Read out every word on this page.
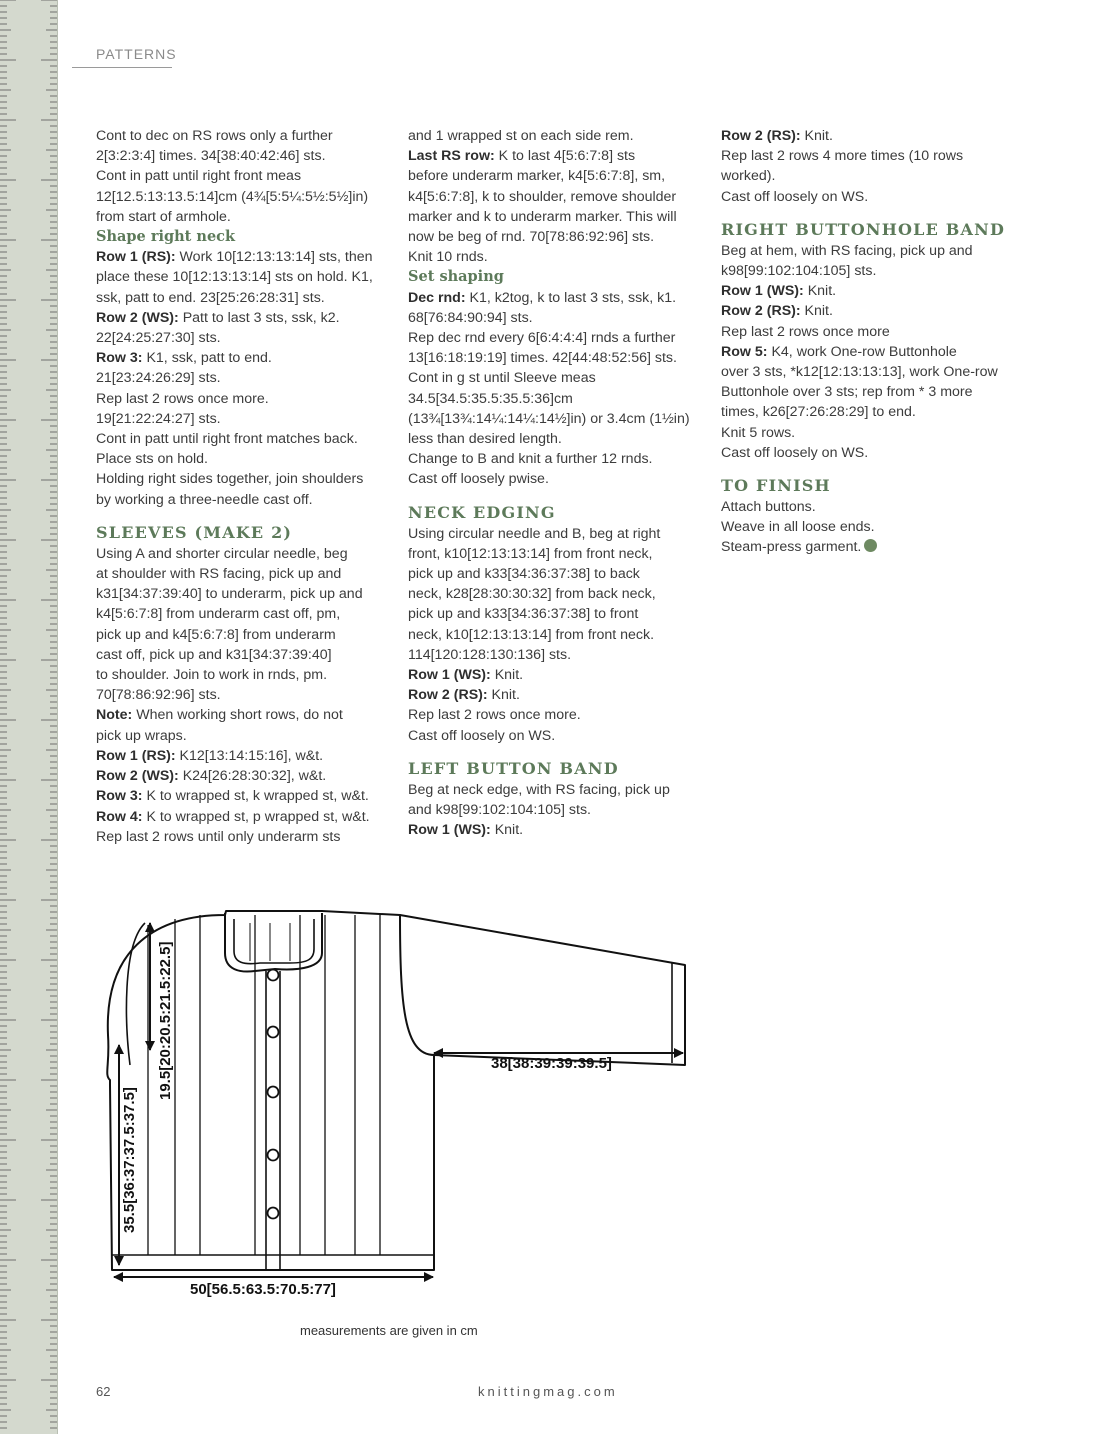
PATTERNS
Cont to dec on RS rows only a further
2[3:2:3:4] times. 34[38:40:42:46] sts.
Cont in patt until right front meas
12[12.5:13:13.5:14]cm (4¾[5:5¼:5½:5½]in)
from start of armhole.
Shape right neck
Row 1 (RS): Work 10[12:13:13:14] sts, then
place these 10[12:13:13:14] sts on hold. K1,
ssk, patt to end. 23[25:26:28:31] sts.
Row 2 (WS): Patt to last 3 sts, ssk, k2.
22[24:25:27:30] sts.
Row 3: K1, ssk, patt to end.
21[23:24:26:29] sts.
Rep last 2 rows once more.
19[21:22:24:27] sts.
Cont in patt until right front matches back.
Place sts on hold.
Holding right sides together, join shoulders
by working a three-needle cast off.
SLEEVES (MAKE 2)
Using A and shorter circular needle, beg
at shoulder with RS facing, pick up and
k31[34:37:39:40] to underarm, pick up and
k4[5:6:7:8] from underarm cast off, pm,
pick up and k4[5:6:7:8] from underarm
cast off, pick up and k31[34:37:39:40]
to shoulder. Join to work in rnds, pm.
70[78:86:92:96] sts.
Note: When working short rows, do not
pick up wraps.
Row 1 (RS): K12[13:14:15:16], w&t.
Row 2 (WS): K24[26:28:30:32], w&t.
Row 3: K to wrapped st, k wrapped st, w&t.
Row 4: K to wrapped st, p wrapped st, w&t.
Rep last 2 rows until only underarm sts
and 1 wrapped st on each side rem.
Last RS row: K to last 4[5:6:7:8] sts
before underarm marker, k4[5:6:7:8], sm,
k4[5:6:7:8], k to shoulder, remove shoulder
marker and k to underarm marker. This will
now be beg of rnd. 70[78:86:92:96] sts.
Knit 10 rnds.
Set shaping
Dec rnd: K1, k2tog, k to last 3 sts, ssk, k1.
68[76:84:90:94] sts.
Rep dec rnd every 6[6:4:4:4] rnds a further
13[16:18:19:19] times. 42[44:48:52:56] sts.
Cont in g st until Sleeve meas
34.5[34.5:35.5:35.5:36]cm
(13¾[13¾:14¼:14¼:14½]in) or 3.4cm (1½in)
less than desired length.
Change to B and knit a further 12 rnds.
Cast off loosely pwise.
NECK EDGING
Using circular needle and B, beg at right
front, k10[12:13:13:14] from front neck,
pick up and k33[34:36:37:38] to back
neck, k28[28:30:30:32] from back neck,
pick up and k33[34:36:37:38] to front
neck, k10[12:13:13:14] from front neck.
114[120:128:130:136] sts.
Row 1 (WS): Knit.
Row 2 (RS): Knit.
Rep last 2 rows once more.
Cast off loosely on WS.
LEFT BUTTON BAND
Beg at neck edge, with RS facing, pick up
and k98[99:102:104:105] sts.
Row 1 (WS): Knit.
Row 2 (RS): Knit.
Rep last 2 rows 4 more times (10 rows
worked).
Cast off loosely on WS.
RIGHT BUTTONHOLE BAND
Beg at hem, with RS facing, pick up and
k98[99:102:104:105] sts.
Row 1 (WS): Knit.
Row 2 (RS): Knit.
Rep last 2 rows once more
Row 5: K4, work One-row Buttonhole
over 3 sts, *k12[12:13:13:13], work One-row
Buttonhole over 3 sts; rep from * 3 more
times, k26[27:26:28:29] to end.
Knit 5 rows.
Cast off loosely on WS.
TO FINISH
Attach buttons.
Weave in all loose ends.
Steam-press garment.
19.5[20:20.5:21.5:22.5]
35.5[36:37:37.5:37.5]
50[56.5:63.5:70.5:77]
38[38:39:39:39.5]
measurements are given in cm
62	knittingmag.com
